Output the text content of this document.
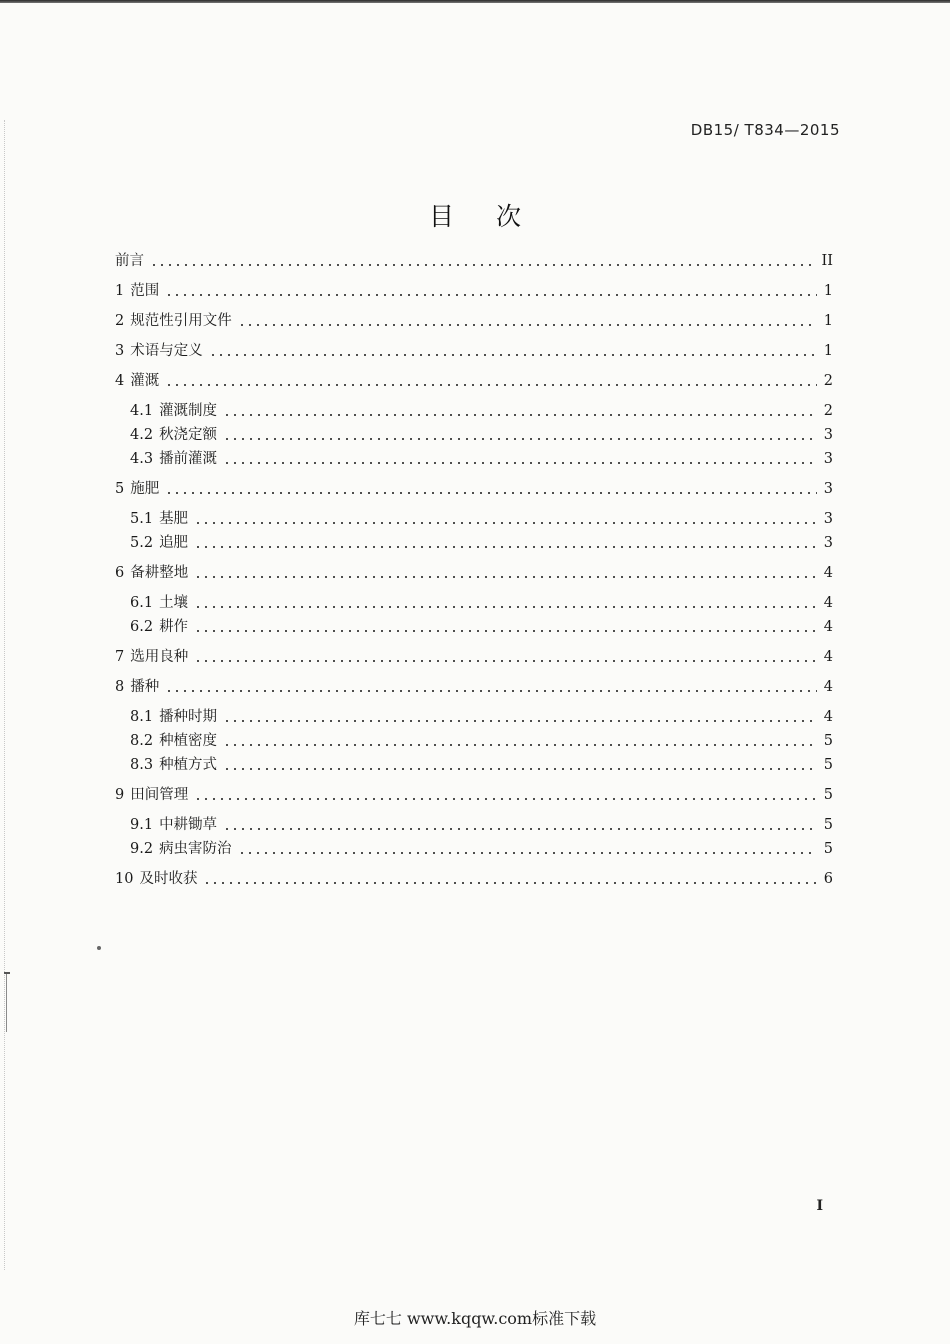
DB15/ T834—2015
目次
前言	II
1 范围	1
2 规范性引用文件	1
3 术语与定义	1
4 灌溉	2
4.1 灌溉制度	2
4.2 秋浇定额	3
4.3 播前灌溉	3
5 施肥	3
5.1 基肥	3
5.2 追肥	3
6 备耕整地	4
6.1 土壤	4
6.2 耕作	4
7 选用良种	4
8 播种	4
8.1 播种时期	4
8.2 种植密度	5
8.3 种植方式	5
9 田间管理	5
9.1 中耕锄草	5
9.2 病虫害防治	5
10 及时收获	6
I
库七七 www.kqqw.com标准下载
